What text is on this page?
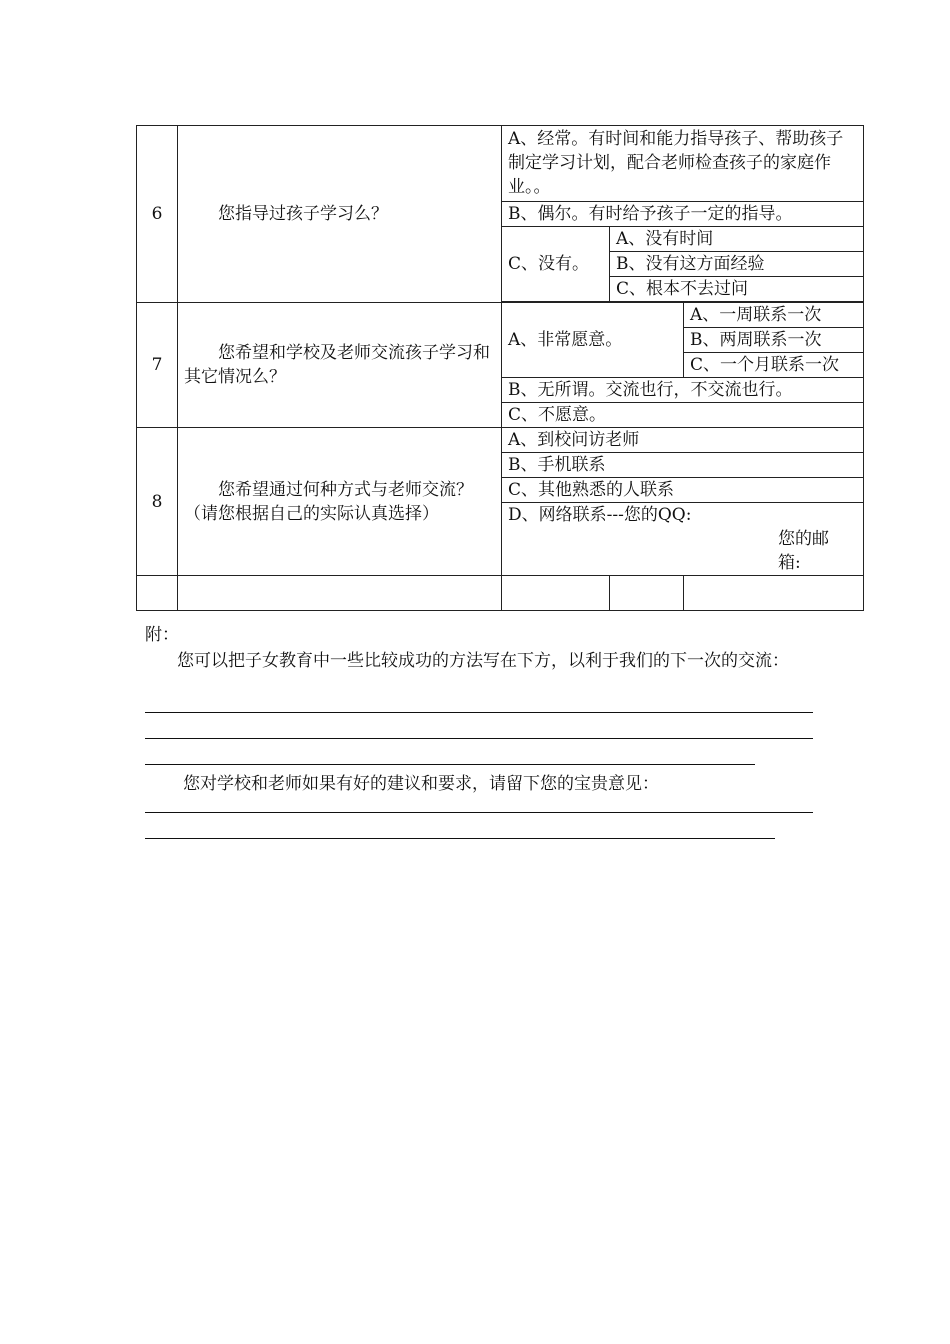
6	您指导过孩子学习么？	A、经常。有时间和能力指导孩子、帮助孩子制定学习计划，配合老师检查孩子的家庭作业。。		
		B、偶尔。有时给予孩子一定的指导。		
		C、没有。	A、没有时间	
			B、没有这方面经验	
			C、根本不去过问	

7	您希望和学校及老师交流孩子学习和其它情况么？	A、非常愿意。		A、一周联系一次
				B、两周联系一次
				C、一个月联系一次
		B、无所谓。交流也行，不交流也行。		
		C、不愿意。		
8	您希望通过何种方式与老师交流？（请您根据自己的实际认真选择）	A、到校问访老师		
		B、手机联系		
		C、其他熟悉的人联系		

		D、网络联系---您的QQ:
您的邮箱:		

附：

您可以把子女教育中一些比较成功的方法写在下方，以利于我们的下一次的交流：

您对学校和老师如果有好的建议和要求，请留下您的宝贵意见：
